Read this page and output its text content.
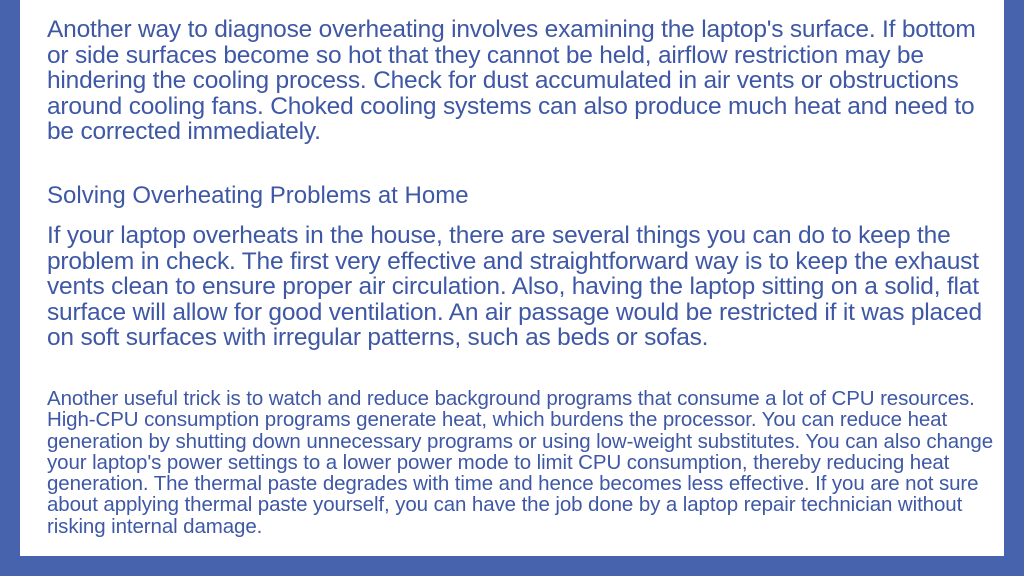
Another way to diagnose overheating involves examining the laptop's surface. If bottom or side surfaces become so hot that they cannot be held, airflow restriction may be hindering the cooling process. Check for dust accumulated in air vents or obstructions around cooling fans. Choked cooling systems can also produce much heat and need to be corrected immediately.

Solving Overheating Problems at Home

If your laptop overheats in the house, there are several things you can do to keep the problem in check. The first very effective and straightforward way is to keep the exhaust vents clean to ensure proper air circulation. Also, having the laptop sitting on a solid, flat surface will allow for good ventilation. An air passage would be restricted if it was placed on soft surfaces with irregular patterns, such as beds or sofas.

Another useful trick is to watch and reduce background programs that consume a lot of CPU resources. High-CPU consumption programs generate heat, which burdens the processor. You can reduce heat generation by shutting down unnecessary programs or using low-weight substitutes. You can also change your laptop's power settings to a lower power mode to limit CPU consumption, thereby reducing heat generation. The thermal paste degrades with time and hence becomes less effective. If you are not sure about applying thermal paste yourself, you can have the job done by a laptop repair technician without risking internal damage.
